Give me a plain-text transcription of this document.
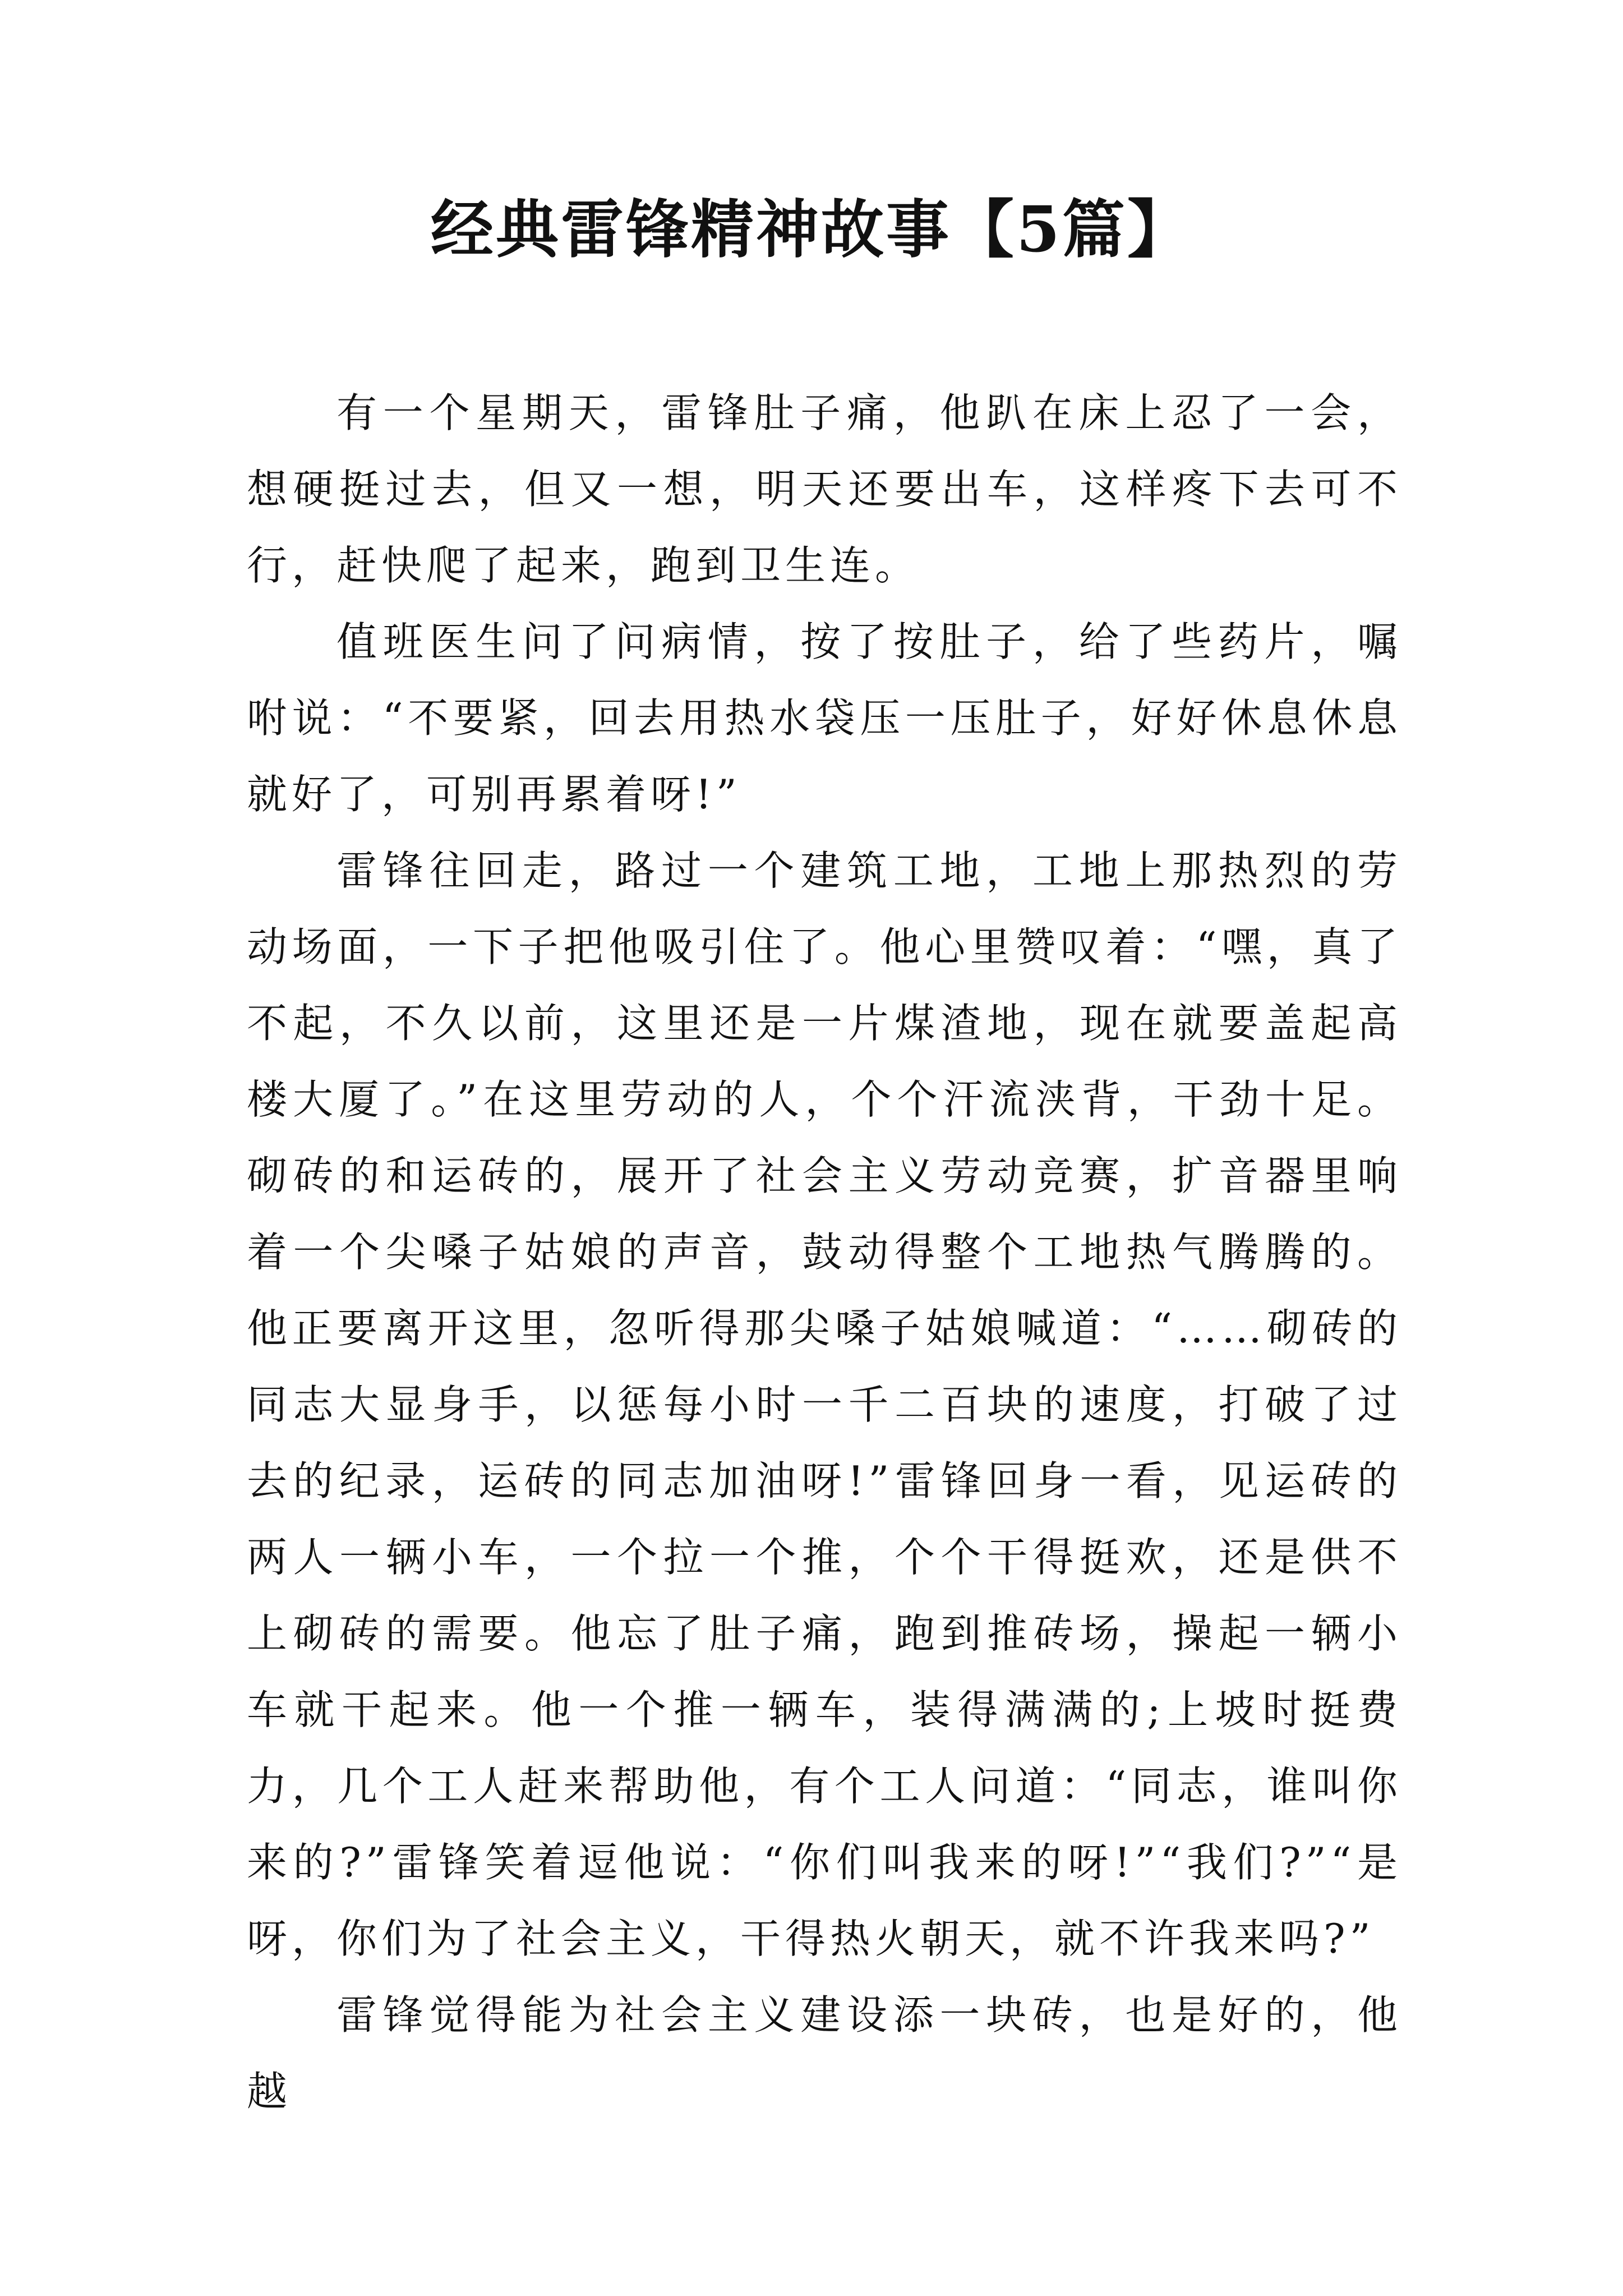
经典雷锋精神故事【5篇】

有一个星期天，雷锋肚子痛，他趴在床上忍了一会，想硬挺过去，但又一想，明天还要出车，这样疼下去可不行，赶快爬了起来，跑到卫生连。

值班医生问了问病情，按了按肚子，给了些药片，嘱咐说：“不要紧，回去用热水袋压一压肚子，好好休息休息就好了，可别再累着呀!”

雷锋往回走，路过一个建筑工地，工地上那热烈的劳动场面，一下子把他吸引住了。他心里赞叹着：“嘿，真了不起，不久以前，这里还是一片煤渣地，现在就要盖起高楼大厦了。”在这里劳动的人，个个汗流浃背，干劲十足。砌砖的和运砖的，展开了社会主义劳动竞赛，扩音器里响着一个尖嗓子姑娘的声音，鼓动得整个工地热气腾腾的。他正要离开这里，忽听得那尖嗓子姑娘喊道：“……砌砖的同志大显身手，以惩每小时一千二百块的速度，打破了过去的纪录，运砖的同志加油呀!”雷锋回身一看，见运砖的两人一辆小车，一个拉一个推，个个干得挺欢，还是供不上砌砖的需要。他忘了肚子痛，跑到推砖场，操起一辆小车就干起来。他一个推一辆车，装得满满的;上坡时挺费力，几个工人赶来帮助他，有个工人问道：“同志，谁叫你来的?”雷锋笑着逗他说：“你们叫我来的呀!”“我们?”“是呀，你们为了社会主义，干得热火朝天，就不许我来吗?”

雷锋觉得能为社会主义建设添一块砖，也是好的，他越
